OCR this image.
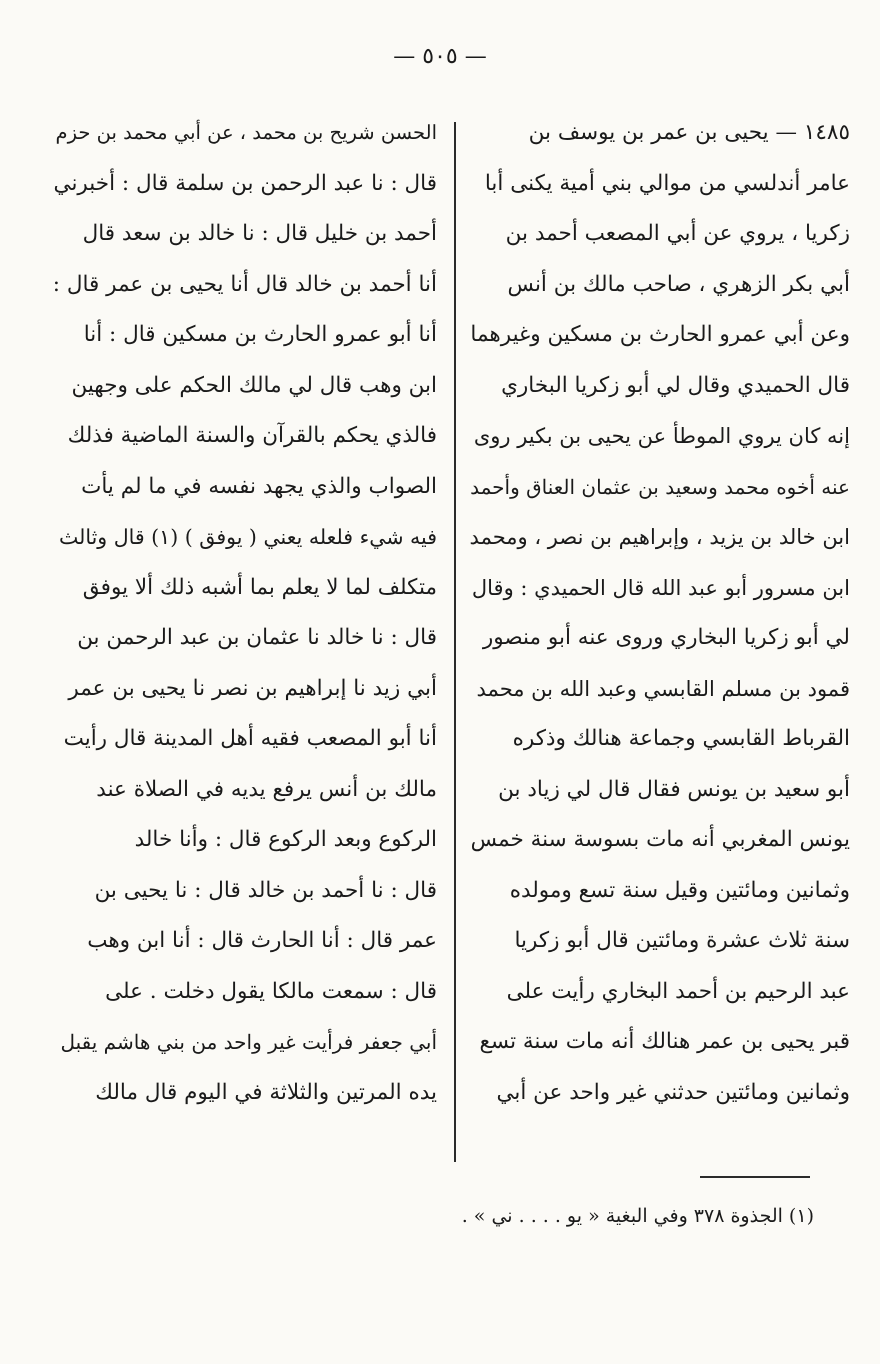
— ٥٠٥ —
١٤٨٥ — يحيى بن عمر بن يوسف بن
عامر أندلسي من موالي بني أمية يكنى أبا
زكريا ، يروي عن أبي المصعب أحمد بن
أبي بكر الزهري ، صاحب مالك بن أنس
وعن أبي عمرو الحارث بن مسكين وغيرهما
قال الحميدي وقال لي أبو زكريا البخاري
إنه كان يروي الموطأ عن يحيى بن بكير روى
عنه أخوه محمد وسعيد بن عثمان العناق وأحمد
ابن خالد بن يزيد ، وإبراهيم بن نصر ، ومحمد
ابن مسرور أبو عبد الله قال الحميدي : وقال
لي أبو زكريا البخاري وروى عنه أبو منصور
قمود بن مسلم القابسي وعبد الله بن محمد
القرباط القابسي وجماعة هنالك وذكره
أبو سعيد بن يونس فقال قال لي زياد بن
يونس المغربي أنه مات بسوسة سنة خمس
وثمانين ومائتين وقيل سنة تسع ومولده
سنة ثلاث عشرة ومائتين قال أبو زكريا
عبد الرحيم بن أحمد البخاري رأيت على
قبر يحيى بن عمر هنالك أنه مات سنة تسع
وثمانين ومائتين حدثني غير واحد عن أبي
الحسن شريح بن محمد ، عن أبي محمد بن حزم
قال : نا عبد الرحمن بن سلمة قال : أخبرني
أحمد بن خليل قال : نا خالد بن سعد قال
أنا أحمد بن خالد قال أنا يحيى بن عمر قال :
أنا أبو عمرو الحارث بن مسكين قال : أنا
ابن وهب قال لي مالك الحكم على وجهين
فالذي يحكم بالقرآن والسنة الماضية فذلك
الصواب والذي يجهد نفسه في ما لم يأت
فيه شيء فلعله يعني ( يوفق ) (١) قال وثالث
متكلف لما لا يعلم بما أشبه ذلك ألا يوفق
قال : نا خالد نا عثمان بن عبد الرحمن بن
أبي زيد نا إبراهيم بن نصر نا يحيى بن عمر
أنا أبو المصعب فقيه أهل المدينة قال رأيت
مالك بن أنس يرفع يديه في الصلاة عند
الركوع وبعد الركوع قال : وأنا خالد
قال : نا أحمد بن خالد قال : نا يحيى بن
عمر قال : أنا الحارث قال : أنا ابن وهب
قال : سمعت مالكا يقول دخلت . على
أبي جعفر فرأيت غير واحد من بني هاشم يقبل
يده المرتين والثلاثة في اليوم قال مالك
(١) الجذوة ٣٧٨ وفي البغية « يو . . . . ني » .
